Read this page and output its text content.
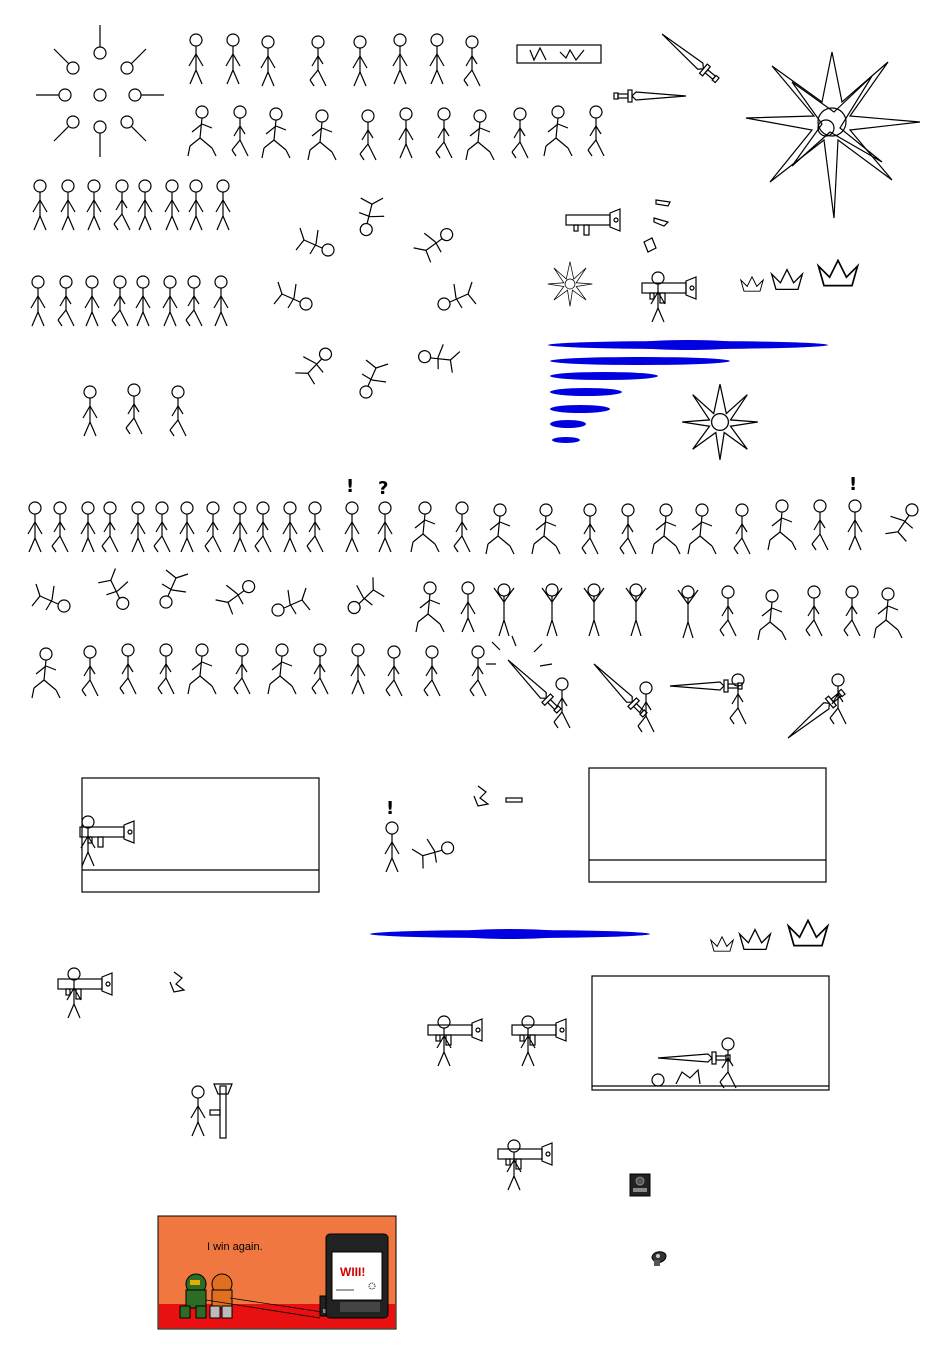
! ?	!
!
I win again.
WIII!
